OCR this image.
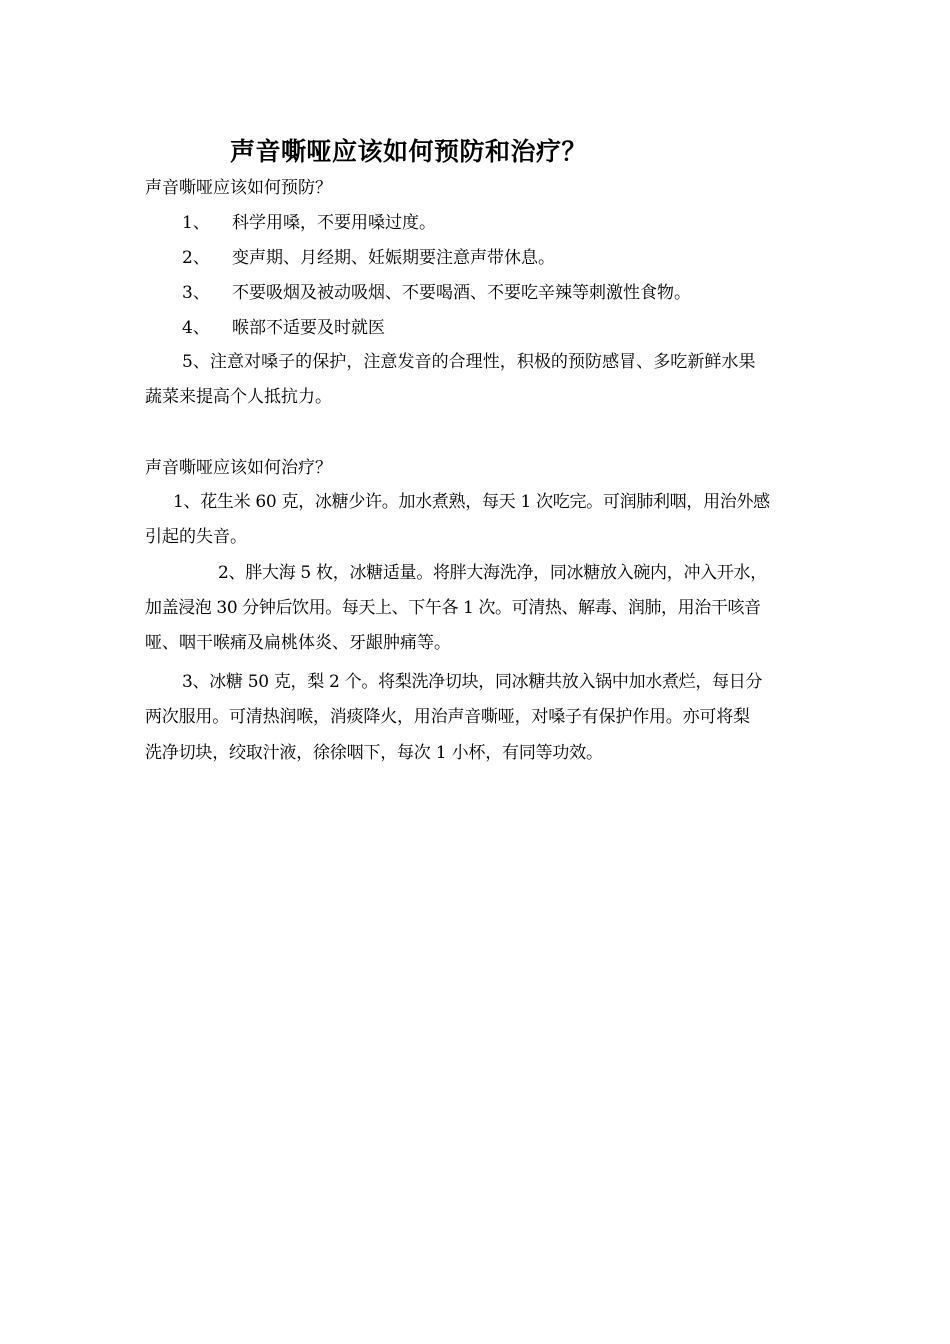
声音嘶哑应该如何预防和治疗？
声音嘶哑应该如何预防？
1、 科学用嗓，不要用嗓过度。
2、 变声期、月经期、妊娠期要注意声带休息。
3、 不要吸烟及被动吸烟、不要喝酒、不要吃辛辣等刺激性食物。
4、 喉部不适要及时就医
5、注意对嗓子的保护，注意发音的合理性，积极的预防感冒、多吃新鲜水果
蔬菜来提高个人抵抗力。
声音嘶哑应该如何治疗？
1、花生米 60 克，冰糖少许。加水煮熟，每天 1 次吃完。可润肺利咽，用治外感
引起的失音。
2、胖大海 5 枚，冰糖适量。将胖大海洗净，同冰糖放入碗内，冲入开水，
加盖浸泡 30 分钟后饮用。每天上、下午各 1 次。可清热、解毒、润肺，用治干咳音
哑、咽干喉痛及扁桃体炎、牙龈肿痛等。
3、冰糖 50 克，梨 2 个。将梨洗净切块，同冰糖共放入锅中加水煮烂，每日分
两次服用。可清热润喉，消痰降火，用治声音嘶哑，对嗓子有保护作用。亦可将梨
洗净切块，绞取汁液，徐徐咽下，每次 1 小杯，有同等功效。
